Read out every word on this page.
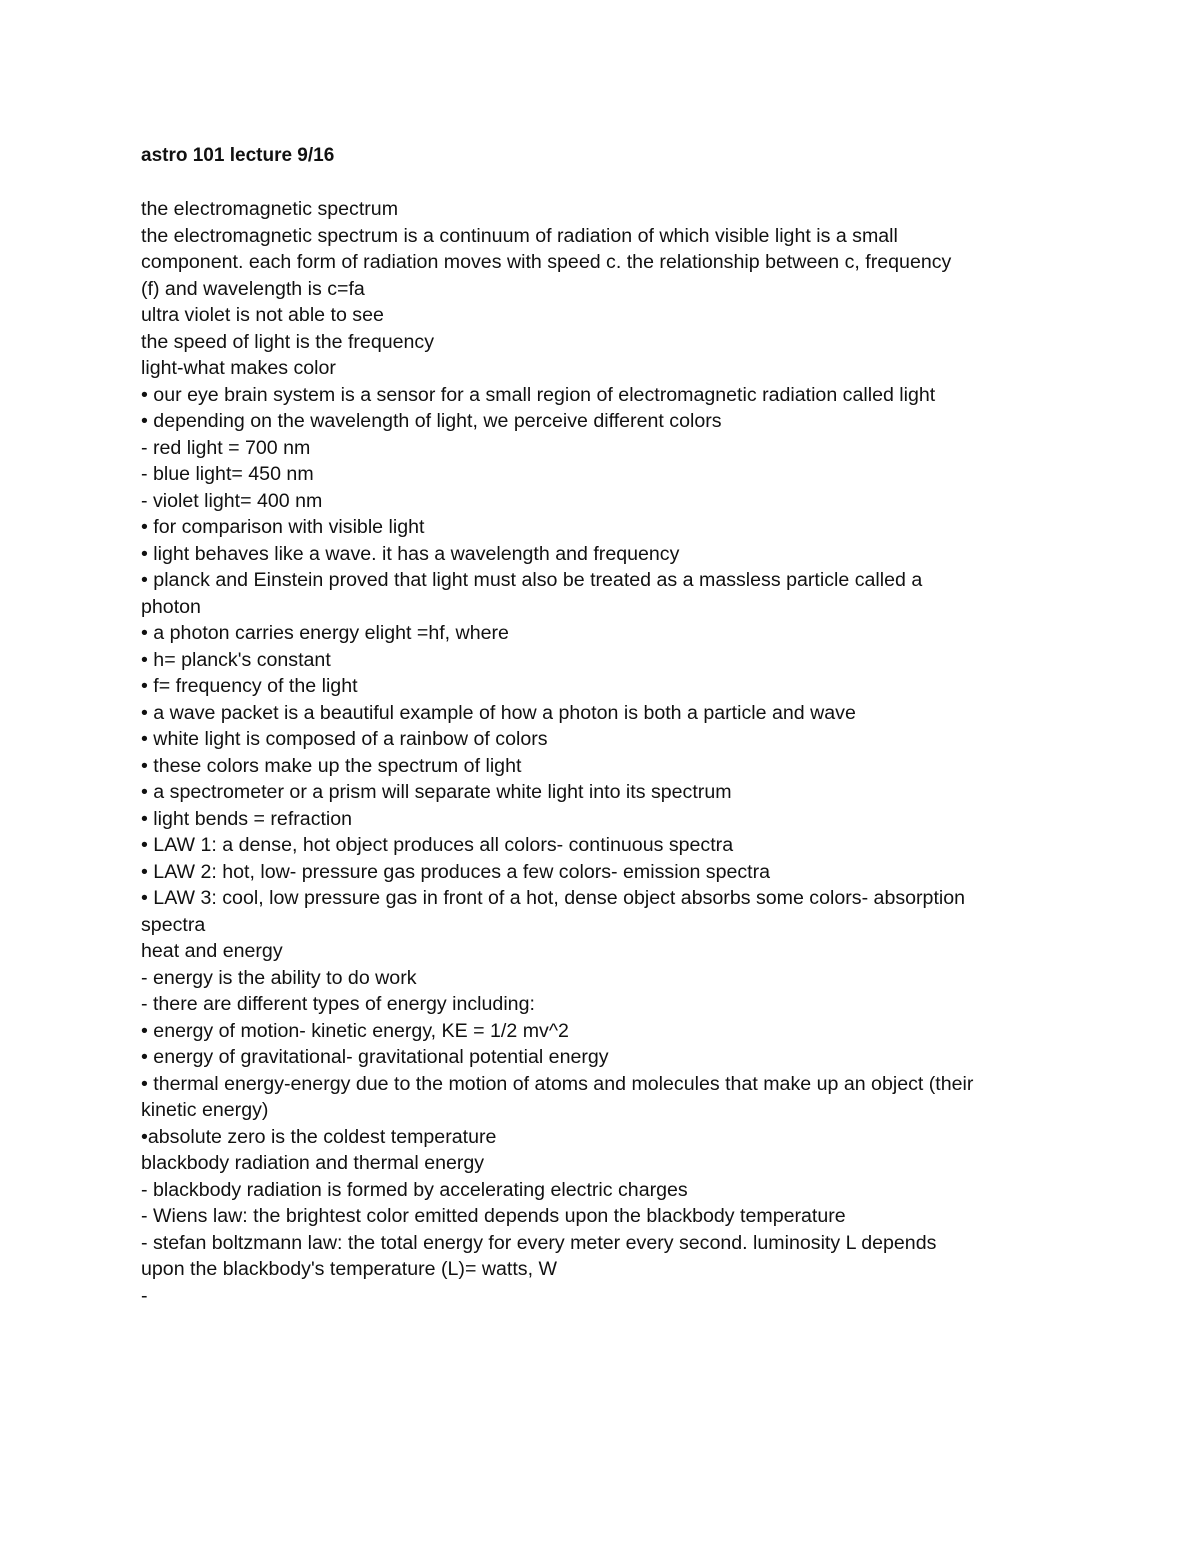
astro 101 lecture 9/16
the electromagnetic spectrum
the electromagnetic spectrum is a continuum of radiation of which visible light is a small
component. each form of radiation moves with speed c. the relationship between c, frequency
(f) and wavelength is c=fa
ultra violet is not able to see
the speed of light is the frequency
light-what makes color
• our eye brain system is a sensor for a small region of electromagnetic radiation called light
• depending on the wavelength of light, we perceive different colors
- red light = 700 nm
- blue light= 450 nm
- violet light= 400 nm
• for comparison with visible light
• light behaves like a wave. it has a wavelength and frequency
• planck and Einstein proved that light must also be treated as a massless particle called a
photon
• a photon carries energy elight =hf, where
• h= planck's constant
• f= frequency of the light
• a wave packet is a beautiful example of how a photon is both a particle and wave
• white light is composed of a rainbow of colors
• these colors make up the spectrum of light
• a spectrometer or a prism will separate white light into its spectrum
• light bends = refraction
• LAW 1: a dense, hot object produces all colors- continuous spectra
• LAW 2: hot, low- pressure gas produces a few colors- emission spectra
• LAW 3: cool, low pressure gas in front of a hot, dense object absorbs some colors- absorption
spectra
heat and energy
- energy is the ability to do work
- there are different types of energy including:
• energy of motion- kinetic energy, KE = 1/2 mv^2
• energy of gravitational- gravitational potential energy
• thermal energy-energy due to the motion of atoms and molecules that make up an object (their
kinetic energy)
•absolute zero is the coldest temperature
blackbody radiation and thermal energy
- blackbody radiation is formed by accelerating electric charges
- Wiens law: the brightest color emitted depends upon the blackbody temperature
- stefan boltzmann law: the total energy for every meter every second. luminosity L depends
upon the blackbody's temperature (L)= watts, W
-
